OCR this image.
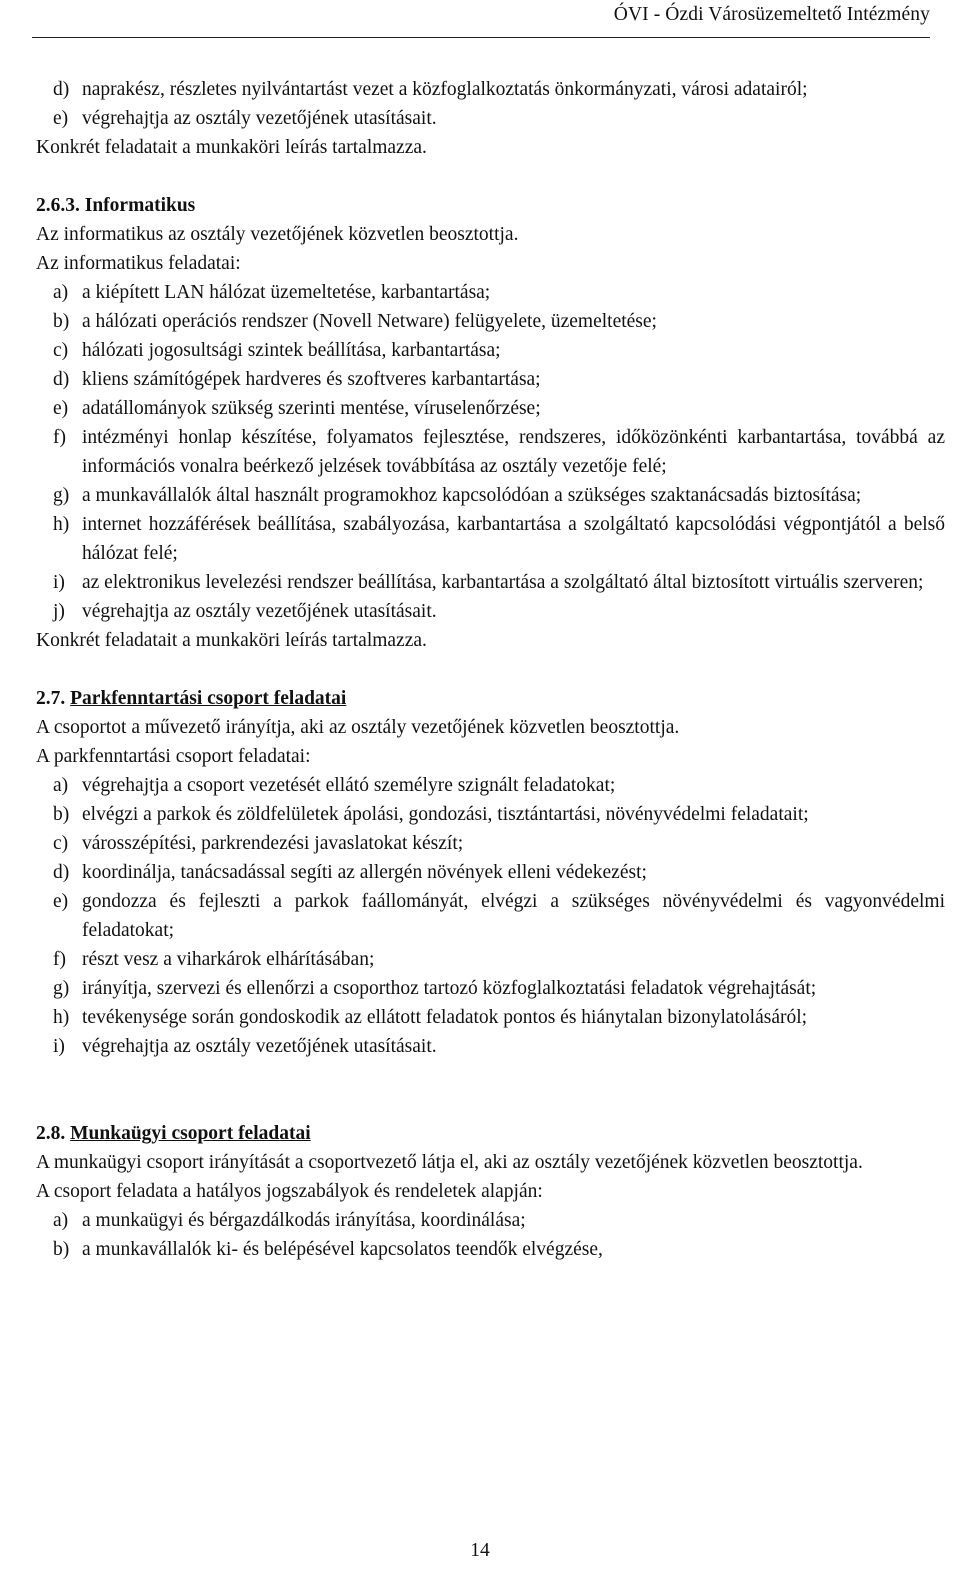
ÓVI - Ózdi Városüzemeltető Intézmény
d) naprakész, részletes nyilvántartást vezet a közfoglalkoztatás önkormányzati, városi adatairól;
e) végrehajtja az osztály vezetőjének utasításait.

Konkrét feladatait a munkaköri leírás tartalmazza.

2.6.3. Informatikus

Az informatikus az osztály vezetőjének közvetlen beosztottja.

Az informatikus feladatai:

a) a kiépített LAN hálózat üzemeltetése, karbantartása;
b) a hálózati operációs rendszer (Novell Netware) felügyelete, üzemeltetése;
c) hálózati jogosultsági szintek beállítása, karbantartása;
d) kliens számítógépek hardveres és szoftveres karbantartása;
e) adatállományok szükség szerinti mentése, víruselenőrzése;
f) intézményi honlap készítése, folyamatos fejlesztése, rendszeres, időközönkénti karbantartása, továbbá az információs vonalra beérkező jelzések továbbítása az osztály vezetője felé;
g) a munkavállalók által használt programokhoz kapcsolódóan a szükséges szaktanácsadás biztosítása;
h) internet hozzáférések beállítása, szabályozása, karbantartása a szolgáltató kapcsolódási végpontjától a belső hálózat felé;
i) az elektronikus levelezési rendszer beállítása, karbantartása a szolgáltató által biztosított virtuális szerveren;
j) végrehajtja az osztály vezetőjének utasításait.

Konkrét feladatait a munkaköri leírás tartalmazza.

2.7. Parkfenntartási csoport feladatai

A csoportot a művezető irányítja, aki az osztály vezetőjének közvetlen beosztottja.

A parkfenntartási csoport feladatai:

a) végrehajtja a csoport vezetését ellátó személyre szignált feladatokat;
b) elvégzi a parkok és zöldfelületek ápolási, gondozási, tisztántartási, növényvédelmi feladatait;
c) városszépítési, parkrendezési javaslatokat készít;
d) koordinálja, tanácsadással segíti az allergén növények elleni védekezést;
e) gondozza és fejleszti a parkok faállományát, elvégzi a szükséges növényvédelmi és vagyonvédelmi feladatokat;
f) részt vesz a viharkárok elhárításában;
g) irányítja, szervezi és ellenőrzi a csoporthoz tartozó közfoglalkoztatási feladatok végrehajtását;
h) tevékenysége során gondoskodik az ellátott feladatok pontos és hiánytalan bizonylatolásáról;
i) végrehajtja az osztály vezetőjének utasításait.

2.8. Munkaügyi csoport feladatai

A munkaügyi csoport irányítását a csoportvezető látja el, aki az osztály vezetőjének közvetlen beosztottja.

A csoport feladata a hatályos jogszabályok és rendeletek alapján:

a) a munkaügyi és bérgazdálkodás irányítása, koordinálása;
b) a munkavállalók ki- és belépésével kapcsolatos teendők elvégzése,
14
